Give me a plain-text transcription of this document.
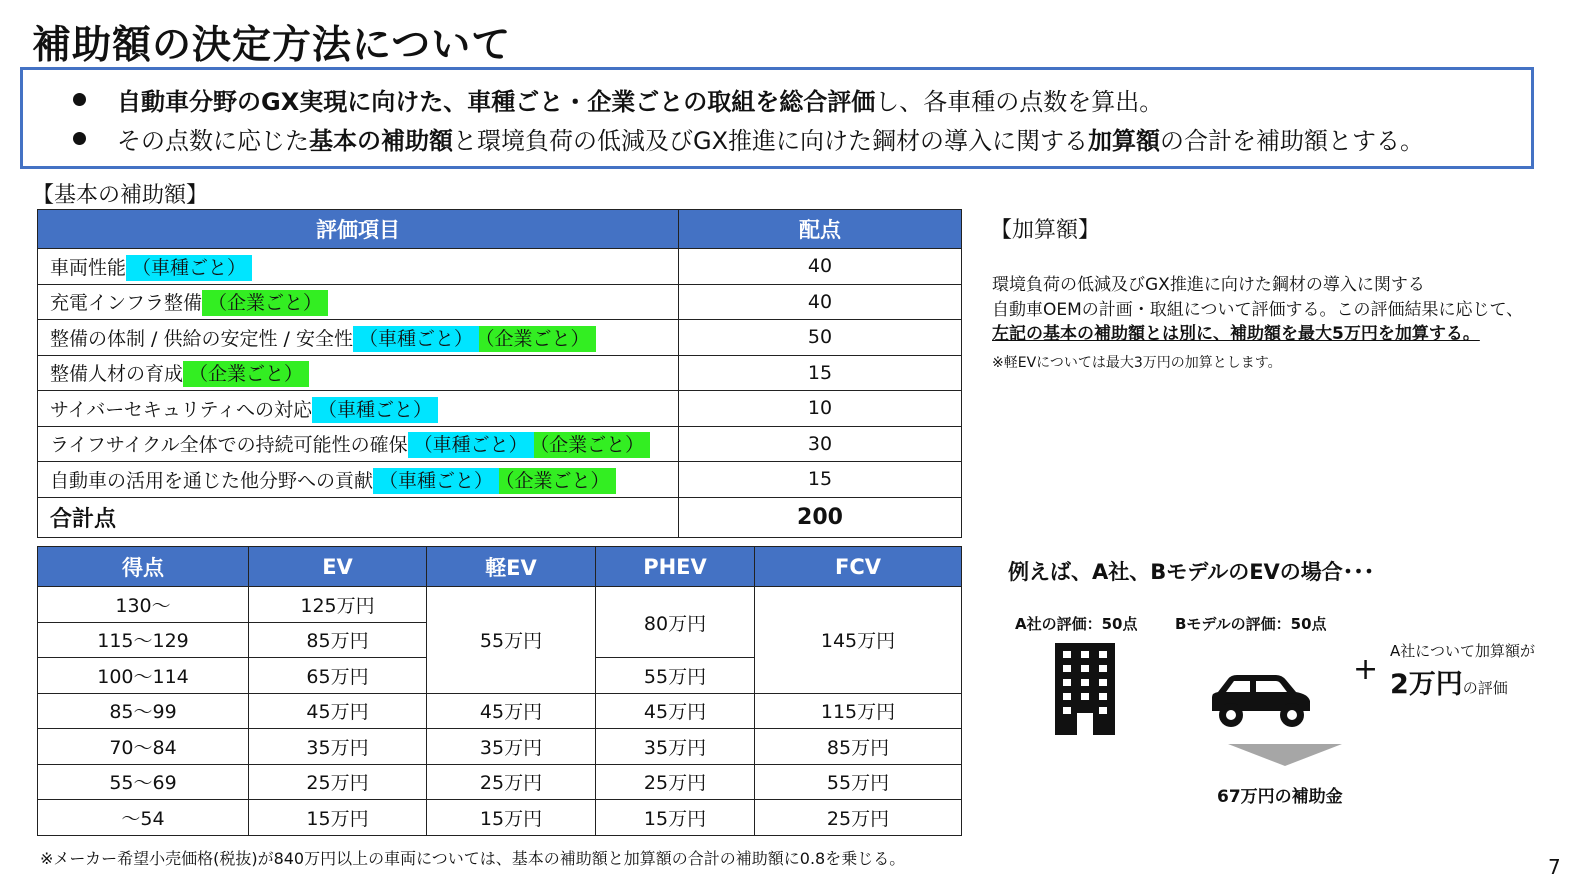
補助額の決定方法について
自動車分野のGX実現に向けた、車種ごと・企業ごとの取組を総合評価し、各車種の点数を算出。
その点数に応じた基本の補助額と環境負荷の低減及びGX推進に向けた鋼材の導入に関する加算額の合計を補助額とする。
【基本の補助額】
評価項目	配点
車両性能 （車種ごと）	40
充電インフラ整備 （企業ごと）	40
整備の体制 / 供給の安定性 / 安全性 （車種ごと） （企業ごと）	50
整備人材の育成 （企業ごと）	15
サイバーセキュリティへの対応 （車種ごと）	10
ライフサイクル全体での持続可能性の確保 （車種ごと） （企業ごと）	30
自動車の活用を通じた他分野への貢献 （車種ごと） （企業ごと）	15
合計点	200
得点	EV	軽EV	PHEV	FCV
130～	125万円	55万円	80万円	145万円
115～129	85万円			
100～114	65万円		55万円	
85～99	45万円	45万円	45万円	115万円
70～84	35万円	35万円	35万円	85万円
55～69	25万円	25万円	25万円	55万円
～54	15万円	15万円	15万円	25万円
※メーカー希望小売価格(税抜)が840万円以上の車両については、基本の補助額と加算額の合計の補助額に0.8を乗じる。	7
【加算額】
環境負荷の低減及びGX推進に向けた鋼材の導入に関する
自動車OEMの計画・取組について評価する。この評価結果に応じて、
左記の基本の補助額とは別に、補助額を最大5万円を加算する。
※軽EVについては最大3万円の加算とします。
例えば、A社、BモデルのEVの場合･･･
A社の評価：50点	Bモデルの評価：50点
+
A社について加算額が
2万円の評価
67万円の補助金
